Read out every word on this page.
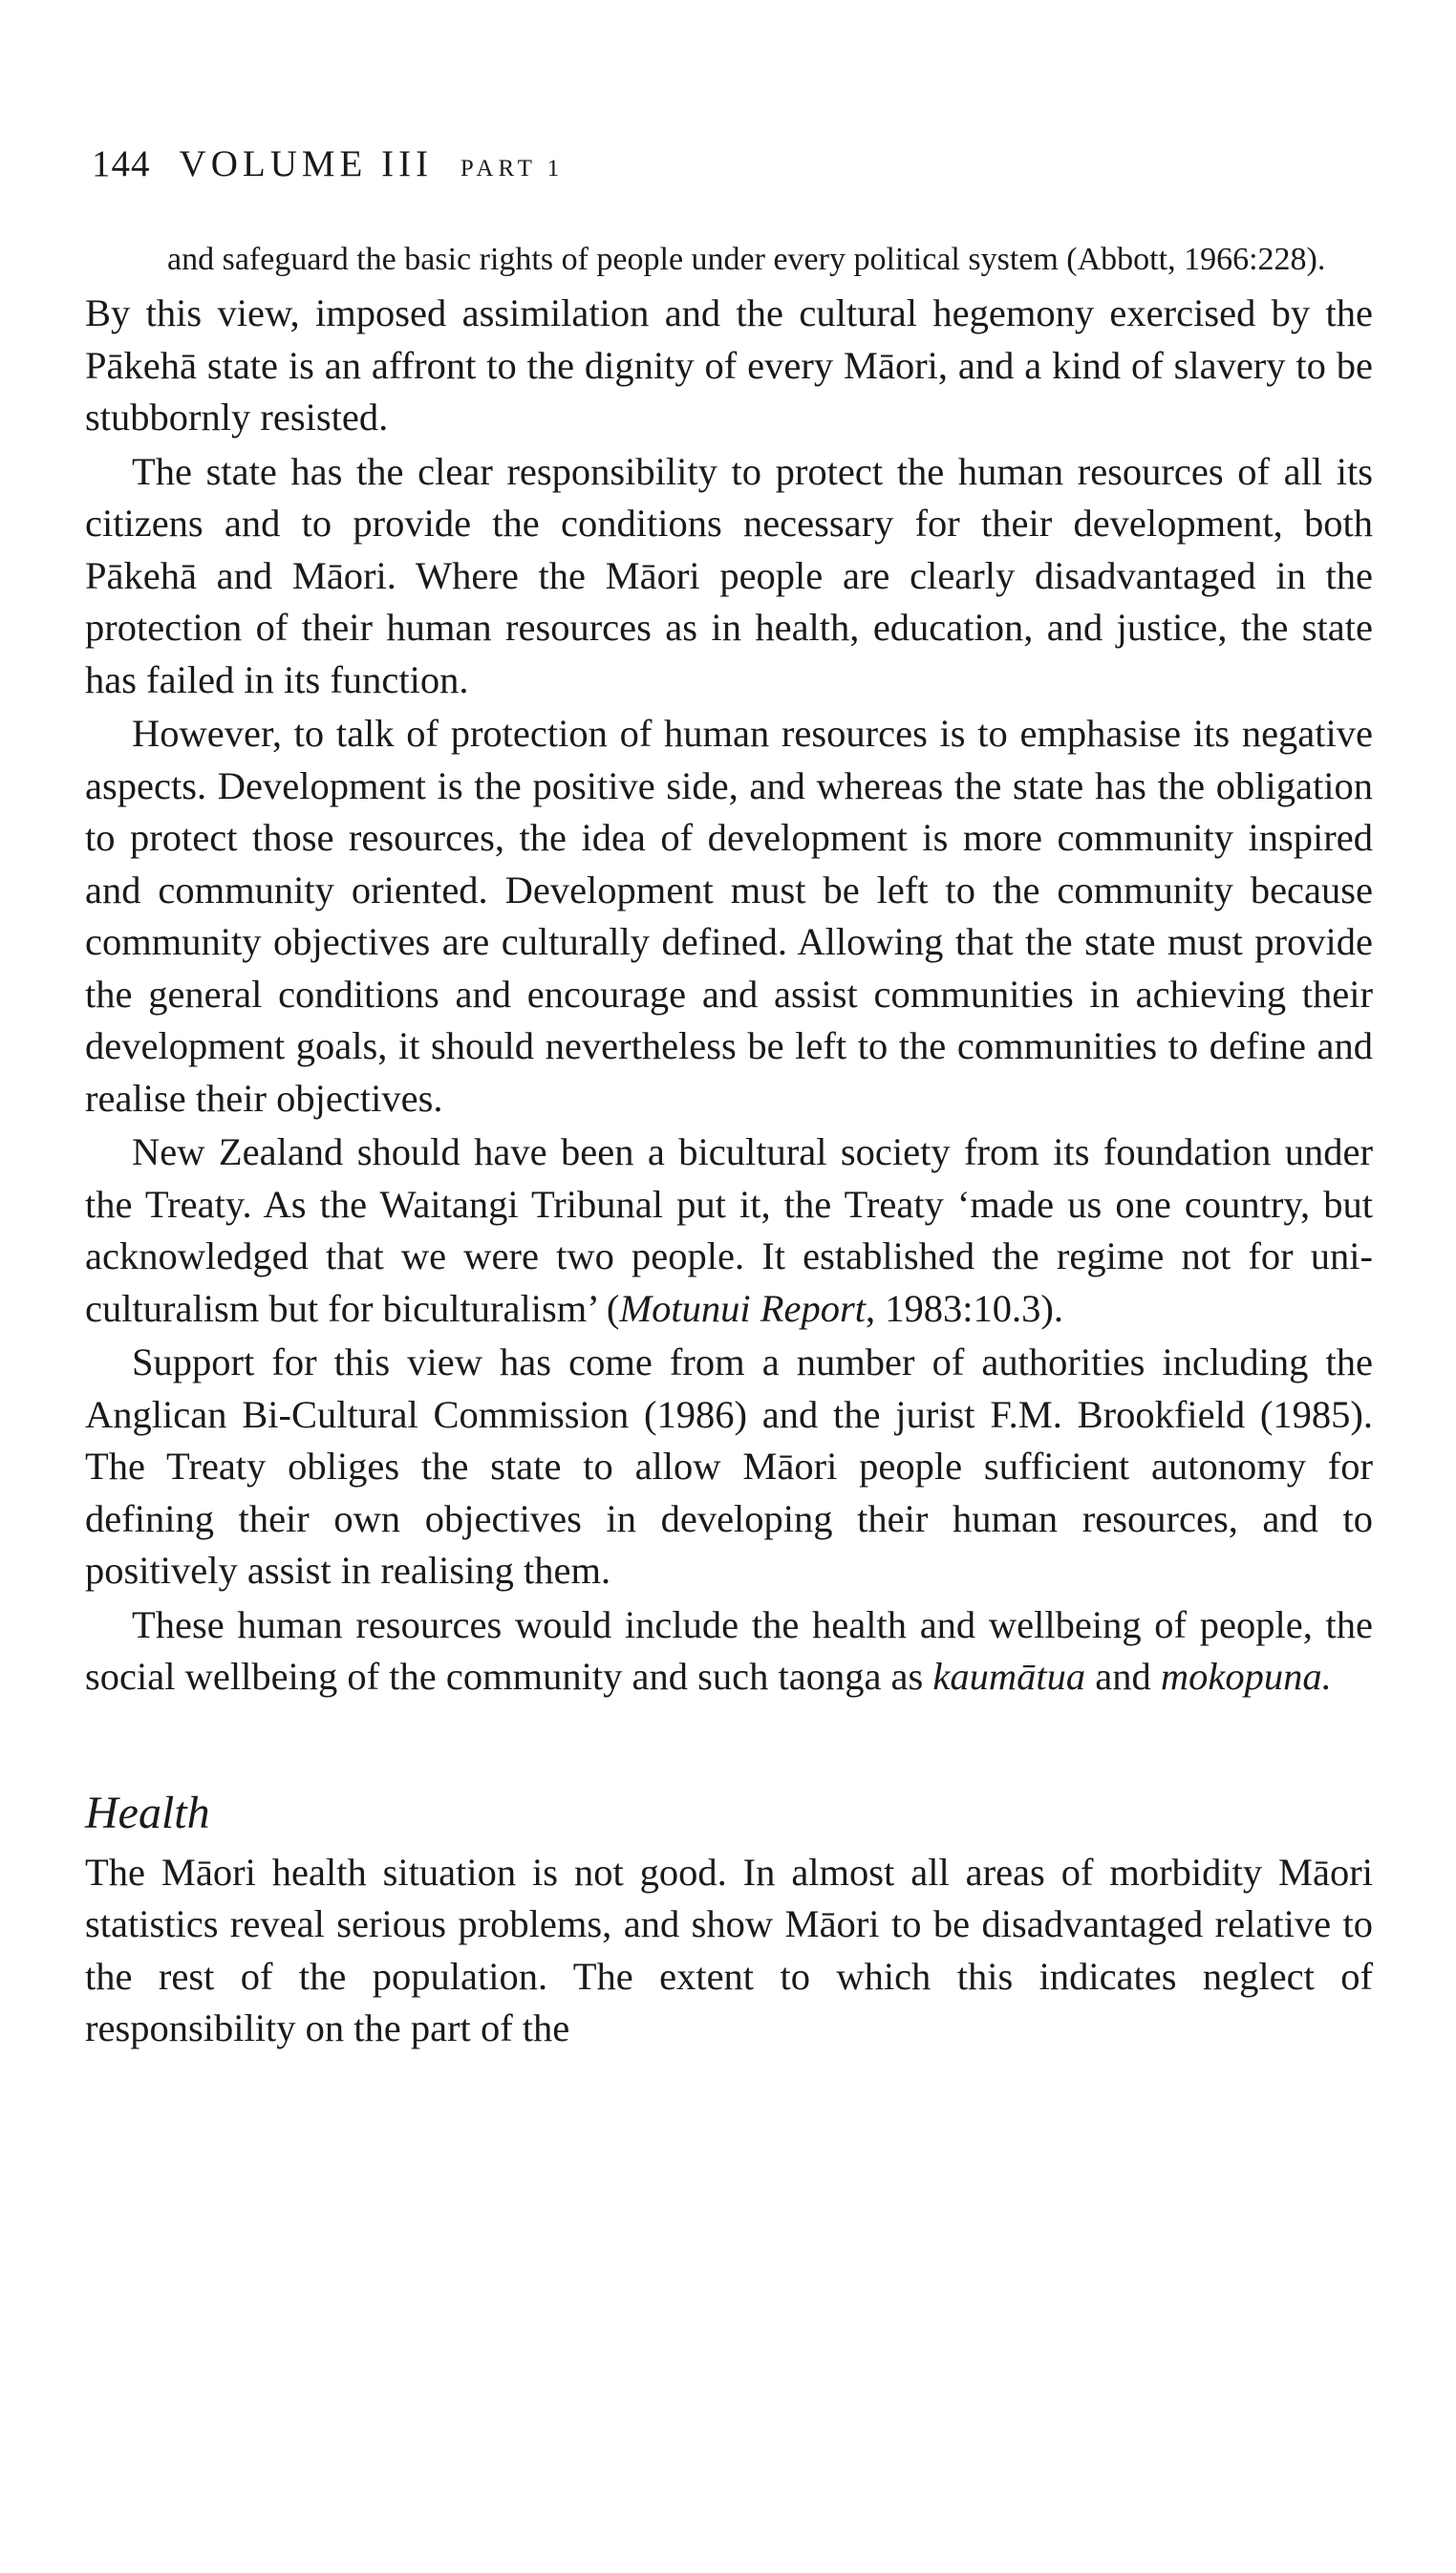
144 VOLUME III PART 1

and safeguard the basic rights of people under every political system (Abbott, 1966:228).

By this view, imposed assimilation and the cultural hegemony exercised by the Pākehā state is an affront to the dignity of every Māori, and a kind of slavery to be stubbornly resisted.

The state has the clear responsibility to protect the human resources of all its citizens and to provide the conditions necessary for their development, both Pākehā and Māori. Where the Māori people are clearly disadvantaged in the protection of their human resources as in health, education, and justice, the state has failed in its function.

However, to talk of protection of human resources is to emphasise its negative aspects. Development is the positive side, and whereas the state has the obligation to protect those resources, the idea of development is more community inspired and community oriented. Development must be left to the community because community objectives are culturally defined. Allowing that the state must provide the general conditions and encourage and assist communities in achieving their development goals, it should nevertheless be left to the communities to define and realise their objectives.

New Zealand should have been a bicultural society from its foundation under the Treaty. As the Waitangi Tribunal put it, the Treaty ‘made us one country, but acknowledged that we were two people. It established the regime not for uni-culturalism but for biculturalism’ (Motunui Report, 1983:10.3).

Support for this view has come from a number of authorities including the Anglican Bi-Cultural Commission (1986) and the jurist F.M. Brookfield (1985). The Treaty obliges the state to allow Māori people sufficient autonomy for defining their own objectives in developing their human resources, and to positively assist in realising them.

These human resources would include the health and wellbeing of people, the social wellbeing of the community and such taonga as kaumātua and mokopuna.

Health

The Māori health situation is not good. In almost all areas of morbidity Māori statistics reveal serious problems, and show Māori to be disadvantaged relative to the rest of the population. The extent to which this indicates neglect of responsibility on the part of the
